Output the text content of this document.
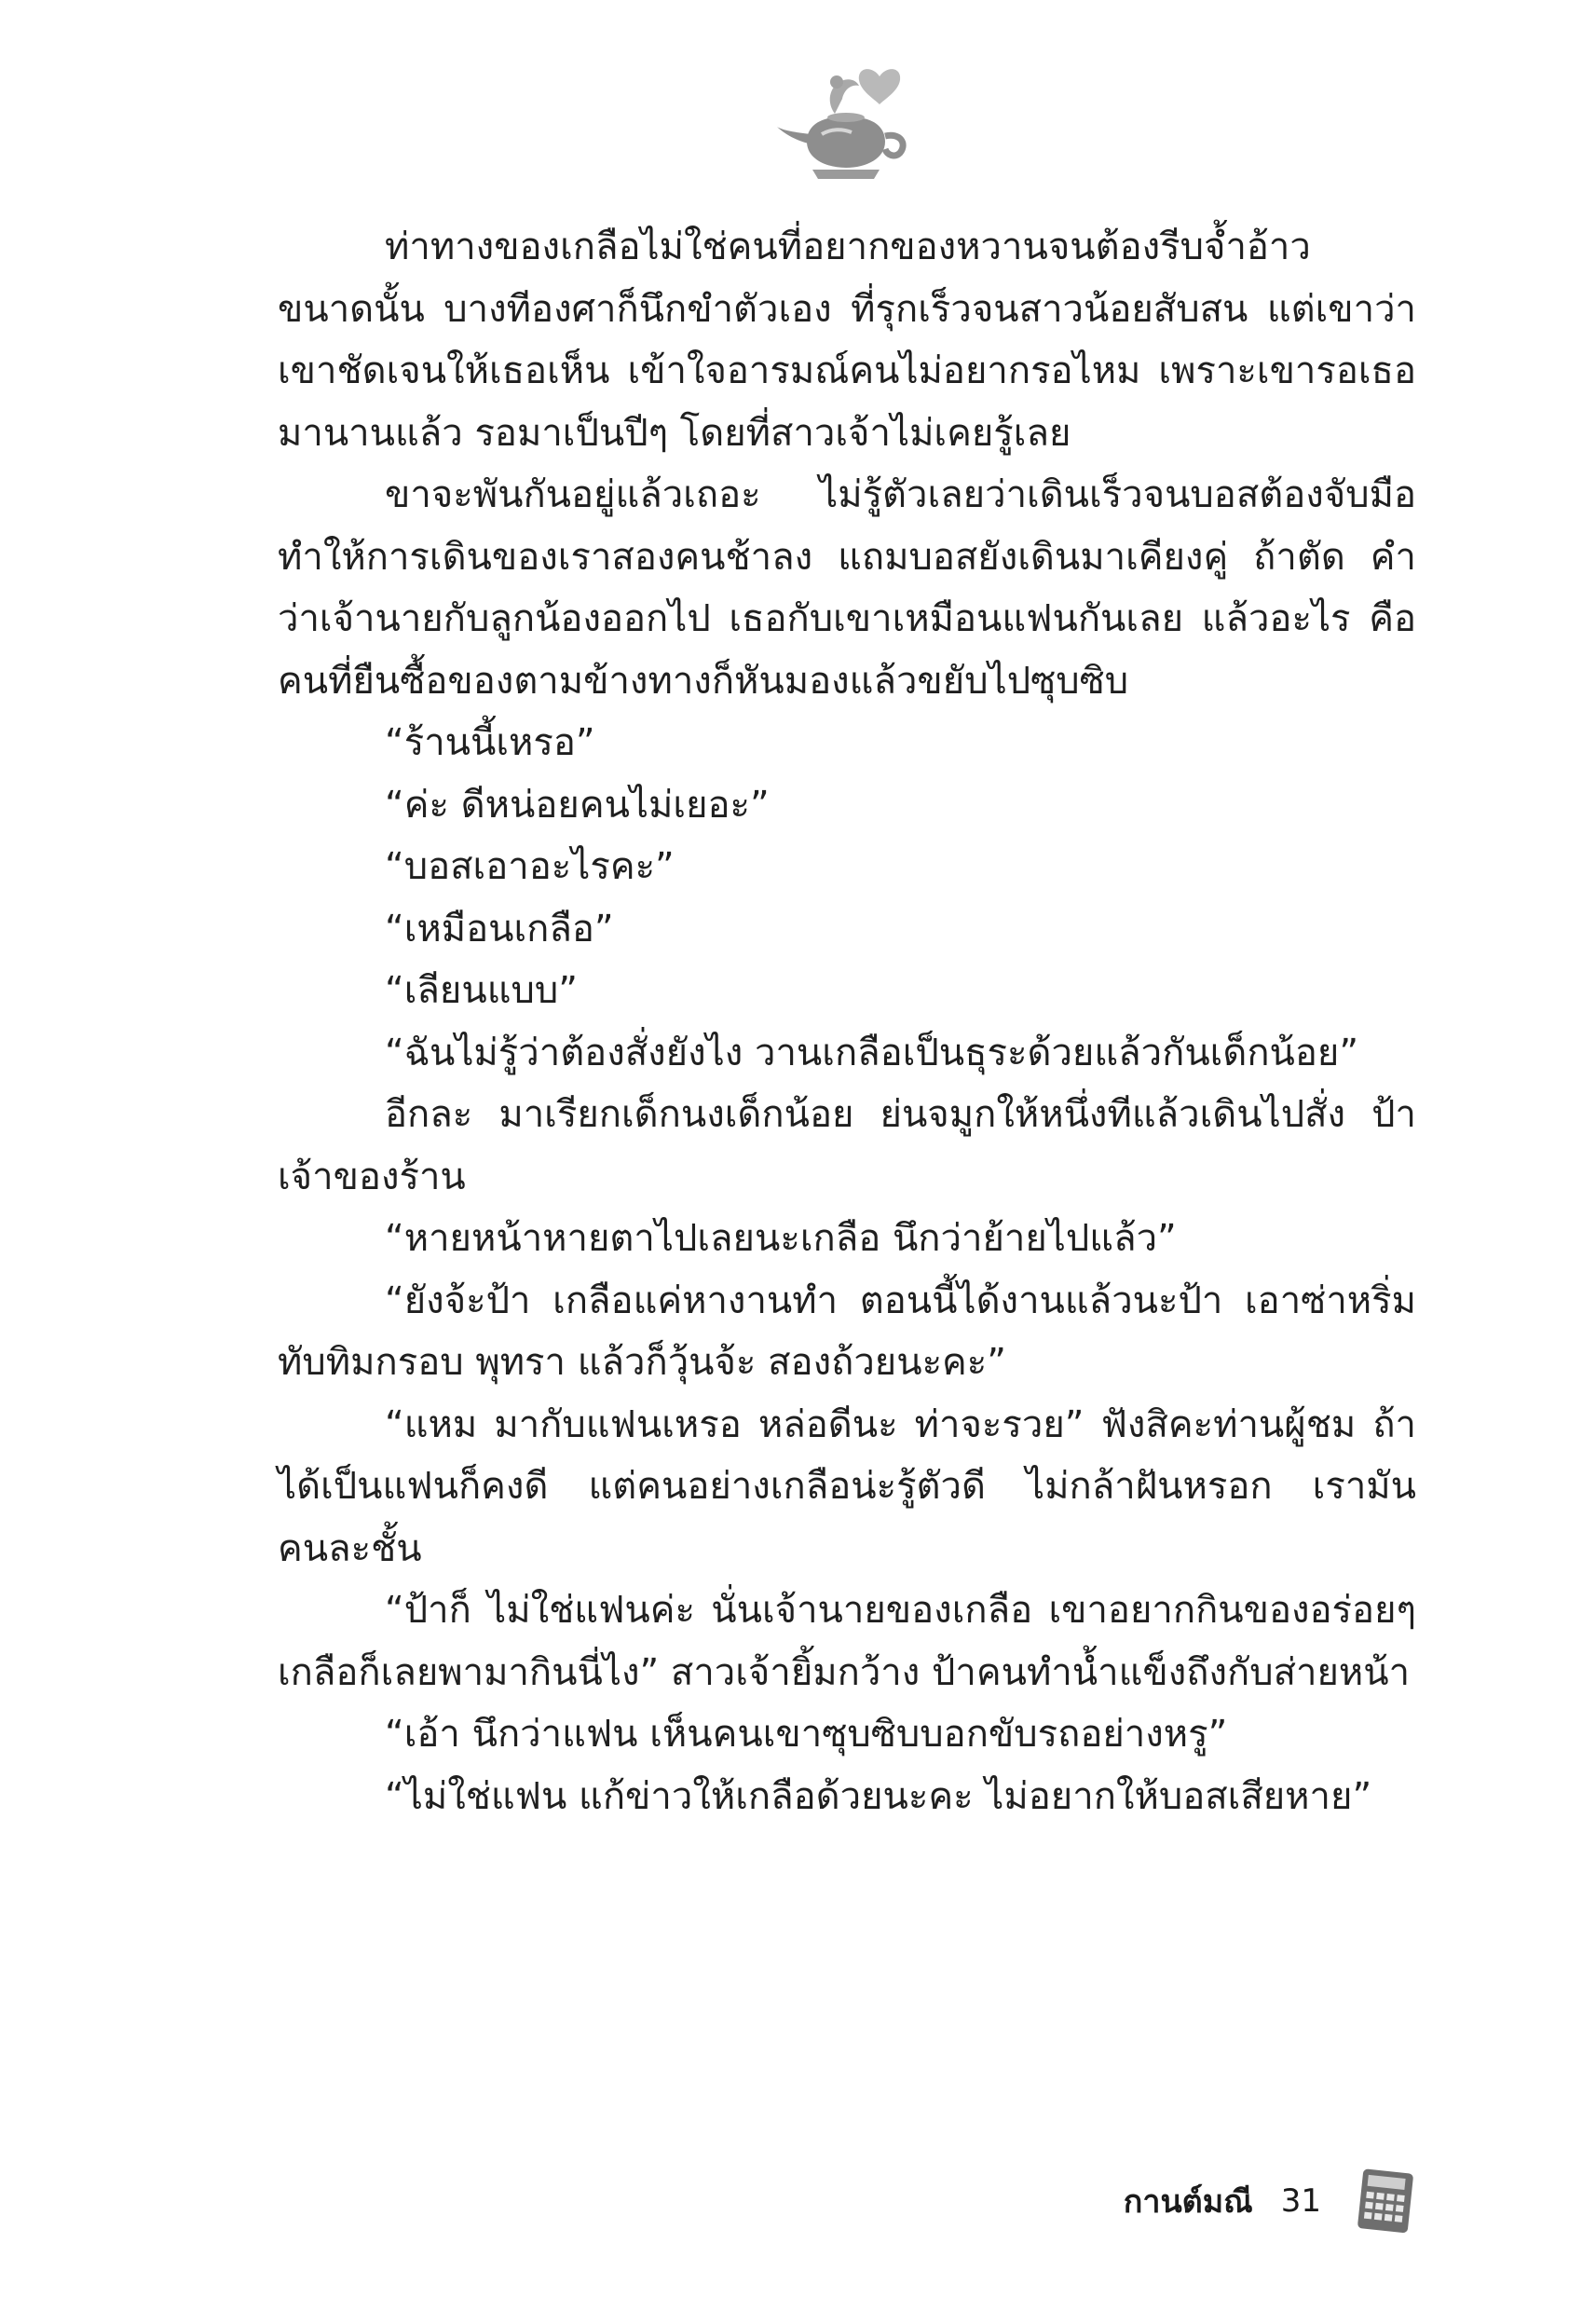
ท่าทางของเกลือไม่ใช่คนที่อยากของหวานจนต้องรีบจ้ำอ้าว ขนาดนั้น บางทีองศาก็นึกขำตัวเอง ที่รุกเร็วจนสาวน้อยสับสน แต่เขาว่า เขาชัดเจนให้เธอเห็น เข้าใจอารมณ์คนไม่อยากรอไหม เพราะเขารอเธอ มานานแล้ว รอมาเป็นปีๆ โดยที่สาวเจ้าไม่เคยรู้เลย

ขาจะพันกันอยู่แล้วเถอะ ไม่รู้ตัวเลยว่าเดินเร็วจนบอสต้องจับมือ ทำให้การเดินของเราสองคนช้าลง แถมบอสยังเดินมาเคียงคู่ ถ้าตัด คำว่าเจ้านายกับลูกน้องออกไป เธอกับเขาเหมือนแฟนกันเลย แล้วอะไร คือคนที่ยืนซื้อของตามข้างทางก็หันมองแล้วขยับไปซุบซิบ

“ร้านนี้เหรอ”

“ค่ะ ดีหน่อยคนไม่เยอะ”

“บอสเอาอะไรคะ”

“เหมือนเกลือ”

“เลียนแบบ”

“ฉันไม่รู้ว่าต้องสั่งยังไง วานเกลือเป็นธุระด้วยแล้วกันเด็กน้อย”

อีกละ มาเรียกเด็กนงเด็กน้อย ย่นจมูกให้หนึ่งทีแล้วเดินไปสั่ง ป้าเจ้าของร้าน

“หายหน้าหายตาไปเลยนะเกลือ นึกว่าย้ายไปแล้ว”

“ยังจ้ะป้า เกลือแค่หางานทำ ตอนนี้ได้งานแล้วนะป้า เอาซ่าหริ่ม ทับทิมกรอบ พุทรา แล้วก็วุ้นจ้ะ สองถ้วยนะคะ”

“แหม มากับแฟนเหรอ หล่อดีนะ ท่าจะรวย” ฟังสิคะท่านผู้ชม ถ้าได้เป็นแฟนก็คงดี แต่คนอย่างเกลือน่ะรู้ตัวดี ไม่กล้าฝันหรอก เรามัน คนละชั้น

“ป้าก็ ไม่ใช่แฟนค่ะ นั่นเจ้านายของเกลือ เขาอยากกินของอร่อยๆ เกลือก็เลยพามากินนี่ไง” สาวเจ้ายิ้มกว้าง ป้าคนทำน้ำแข็งถึงกับส่ายหน้า

“เอ้า นึกว่าแฟน เห็นคนเขาซุบซิบบอกขับรถอย่างหรู”

“ไม่ใช่แฟน แก้ข่าวให้เกลือด้วยนะคะ ไม่อยากให้บอสเสียหาย”

กานต์มณี 31
